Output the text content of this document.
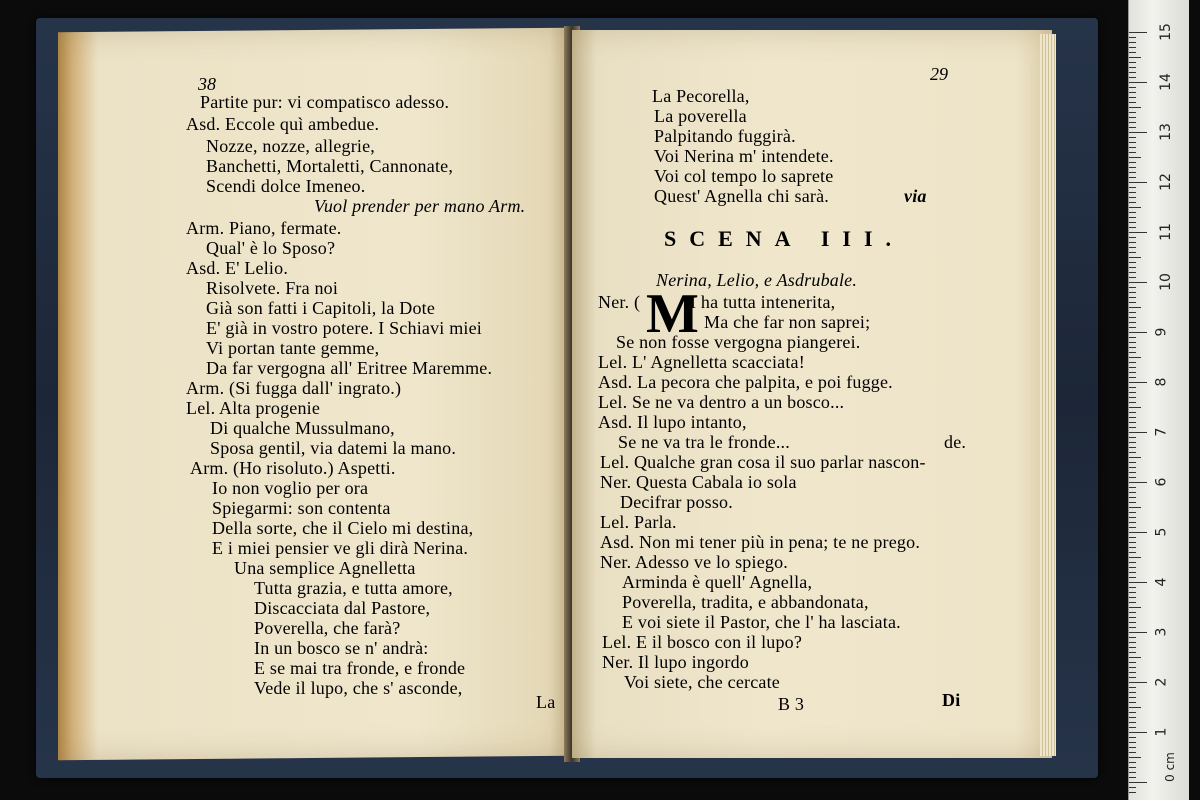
38
Partite pur: vi compatisco adesso.
Asd. Eccole quì ambedue.
Nozze, nozze, allegrie,
Banchetti, Mortaletti, Cannonate,
Scendi dolce Imeneo.
Vuol prender per mano Arm.
Arm. Piano, fermate.
Qual' è lo Sposo?
Asd. E' Lelio.
Risolvete. Fra noi
Già son fatti i Capitoli, la Dote
E' già in vostro potere. I Schiavi miei
Vi portan tante gemme,
Da far vergogna all' Eritree Maremme.
Arm. (Si fugga dall' ingrato.)
Lel. Alta progenie
Di qualche Mussulmano,
Sposa gentil, via datemi la mano.
Arm. (Ho risoluto.) Aspetti.
Io non voglio per ora
Spiegarmi: son contenta
Della sorte, che il Cielo mi destina,
E i miei pensier ve gli dirà Nerina.
Una semplice Agnelletta
Tutta grazia, e tutta amore,
Discacciata dal Pastore,
Poverella, che farà?
In un bosco se n' andrà:
E se mai tra fronde, e fronde
Vede il lupo, che s' asconde,
La
29
La Pecorella,
La poverella
Palpitando fuggirà.
Voi Nerina m' intendete.
Voi col tempo lo saprete
Quest' Agnella chi sarà.	via
SCENA III.
Nerina, Lelio, e Asdrubale.
Ner. ( M
I ha tutta intenerita,
Ma che far non saprei;
Se non fosse vergogna piangerei.
Lel. L' Agnelletta scacciata!
Asd. La pecora che palpita, e poi fugge.
Lel. Se ne va dentro a un bosco...
Asd. Il lupo intanto,
Se ne va tra le fronde...	de.
Lel. Qualche gran cosa il suo parlar nascon-
Ner. Questa Cabala io sola
Decifrar posso.
Lel. Parla.
Asd. Non mi tener più in pena; te ne prego.
Ner. Adesso ve lo spiego.
Arminda è quell' Agnella,
Poverella, tradita, e abbandonata,
E voi siete il Pastor, che l' ha lasciata.
Lel. E il bosco con il lupo?
Ner. Il lupo ingordo
Voi siete, che cercate
B 3	Di
15
14
13
12
11
10
9
8
7
6
5
4
3
2
1
0 cm
